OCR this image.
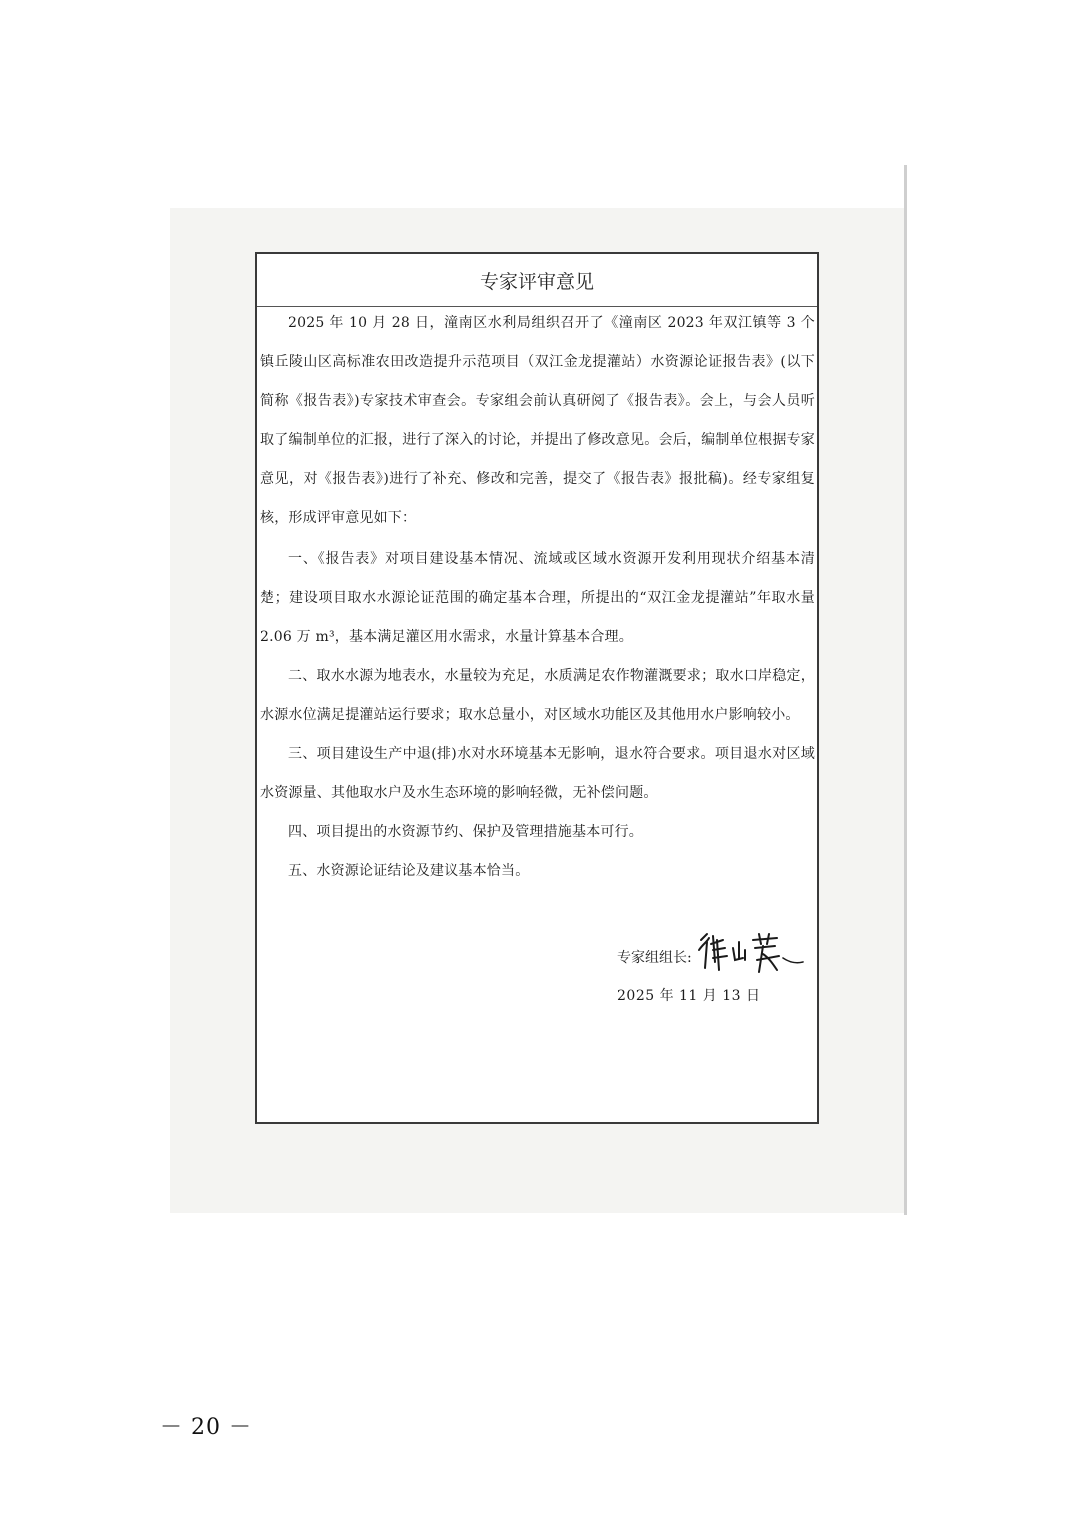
专家评审意见

2025 年 10 月 28 日，潼南区水利局组织召开了《潼南区 2023 年双江镇等 3 个镇丘陵山区高标准农田改造提升示范项目（双江金龙提灌站）水资源论证报告表》(以下简称《报告表》)专家技术审查会。专家组会前认真研阅了《报告表》。会上，与会人员听取了编制单位的汇报，进行了深入的讨论，并提出了修改意见。会后，编制单位根据专家意见，对《报告表》)进行了补充、修改和完善，提交了《报告表》报批稿)。经专家组复核，形成评审意见如下：

一、《报告表》对项目建设基本情况、流域或区域水资源开发利用现状介绍基本清楚；建设项目取水水源论证范围的确定基本合理，所提出的“双江金龙提灌站”年取水量 2.06 万 m³，基本满足灌区用水需求，水量计算基本合理。

二、取水水源为地表水，水量较为充足，水质满足农作物灌溉要求；取水口岸稳定，水源水位满足提灌站运行要求；取水总量小，对区域水功能区及其他用水户影响较小。

三、项目建设生产中退(排)水对水环境基本无影响，退水符合要求。项目退水对区域水资源量、其他取水户及水生态环境的影响轻微，无补偿问题。

四、项目提出的水资源节约、保护及管理措施基本可行。

五、水资源论证结论及建议基本恰当。

专家组组长:
2025 年 11 月 13 日
－ 20 －
